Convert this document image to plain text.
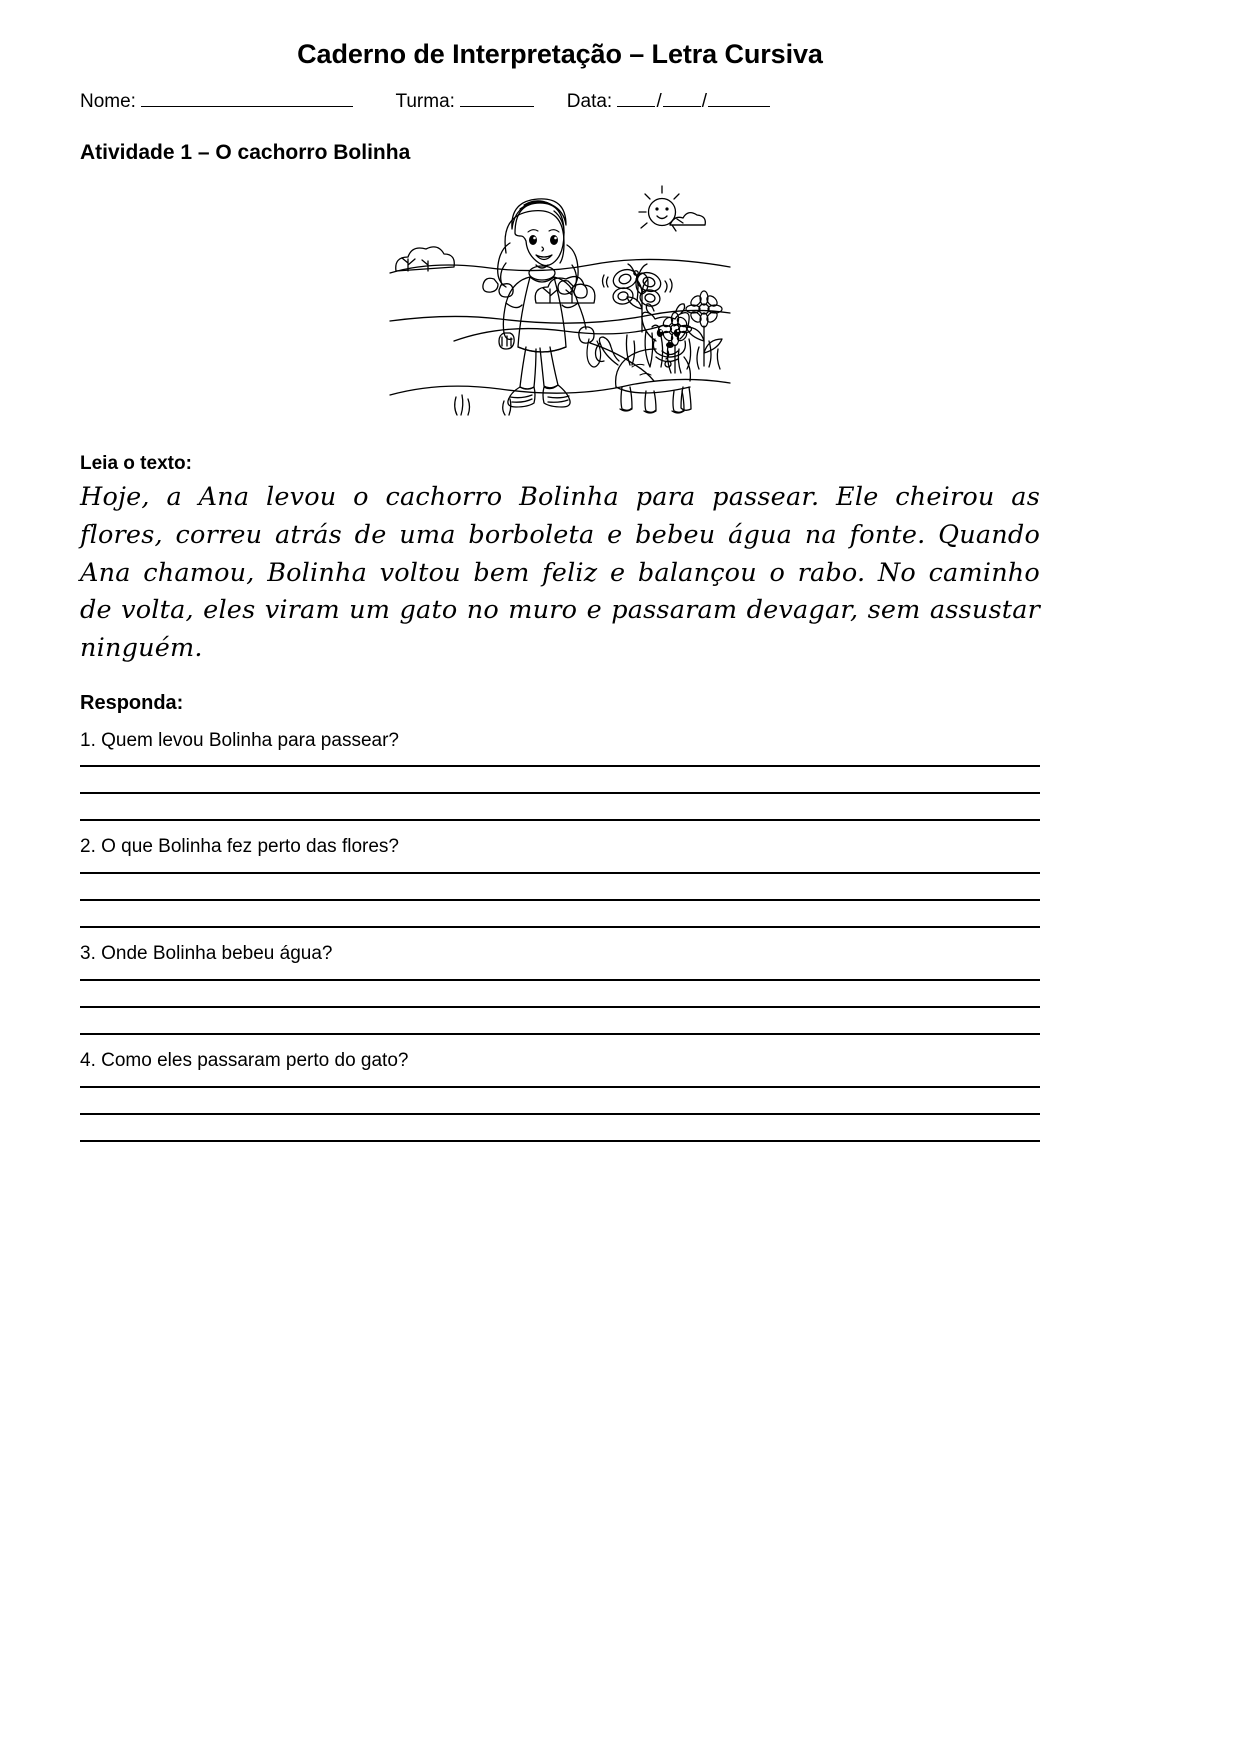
Caderno de Interpretação – Letra Cursiva
Nome:	Turma:	Data: / /
Atividade 1 – O cachorro Bolinha
Leia o texto:
Hoje, a Ana levou o cachorro Bolinha para passear. Ele cheirou as flores, correu atrás de uma borboleta e bebeu água na fonte. Quando Ana chamou, Bolinha voltou bem feliz e balançou o rabo. No caminho de volta, eles viram um gato no muro e passaram devagar, sem assustar ninguém.
Responda:
1. Quem levou Bolinha para passear?
2. O que Bolinha fez perto das flores?
3. Onde Bolinha bebeu água?
4. Como eles passaram perto do gato?
